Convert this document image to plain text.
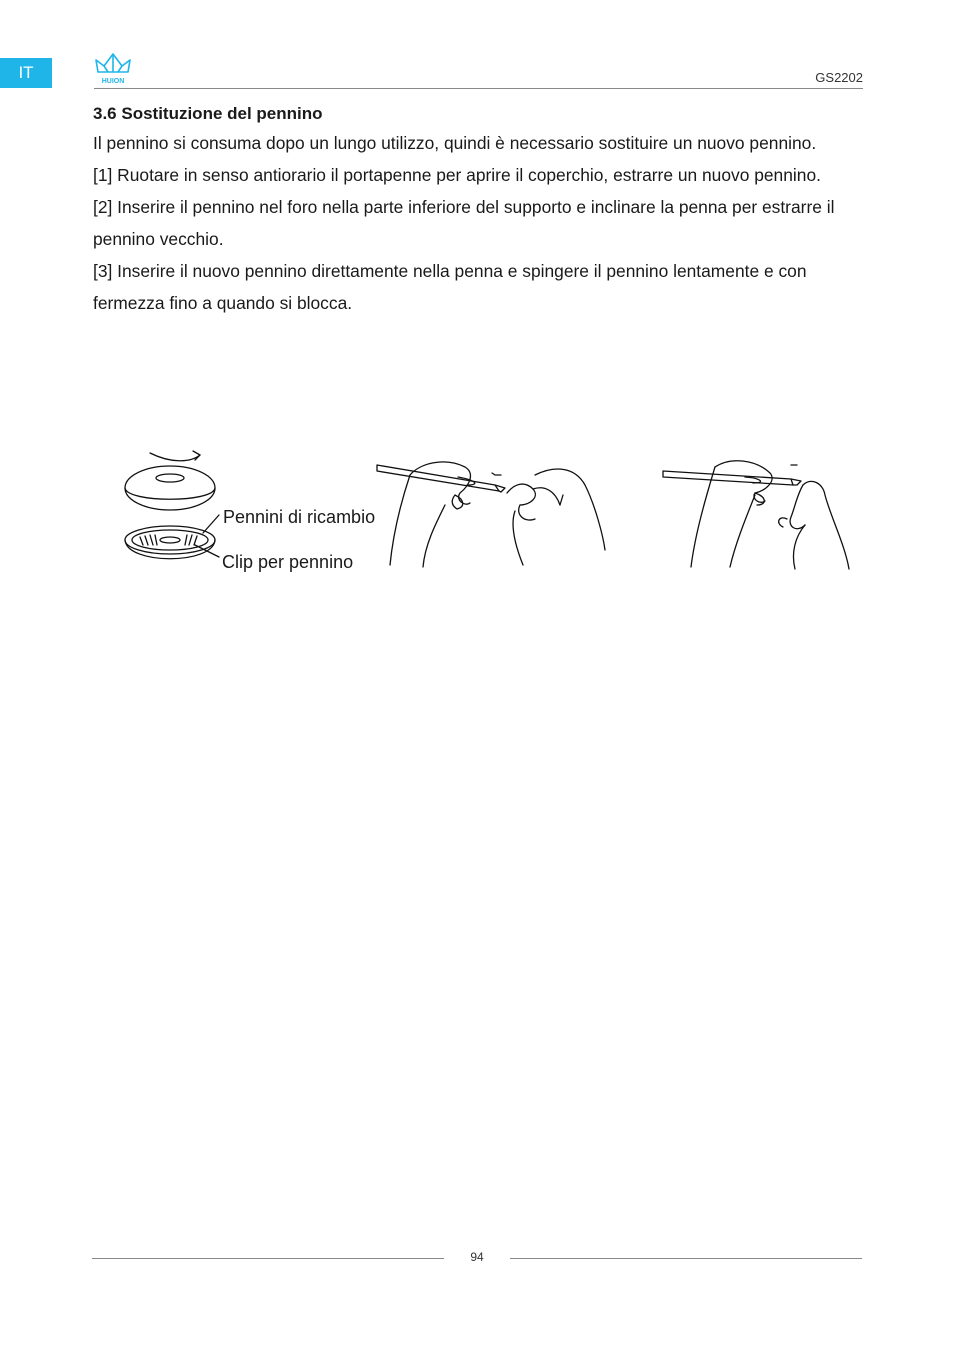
IT	HUION	GS2202
3.6 Sostituzione del pennino

Il pennino si consuma dopo un lungo utilizzo, quindi è necessario sostituire un nuovo pennino.

[1] Ruotare in senso antiorario il portapenne per aprire il coperchio, estrarre un nuovo pennino.

[2] Inserire il pennino nel foro nella parte inferiore del supporto e inclinare la penna per estrarre il pennino vecchio.

[3] Inserire il nuovo pennino direttamente nella penna e spingere il pennino lentamente e con fermezza fino a quando si blocca.

Pennini di ricambio
Clip per pennino
94
